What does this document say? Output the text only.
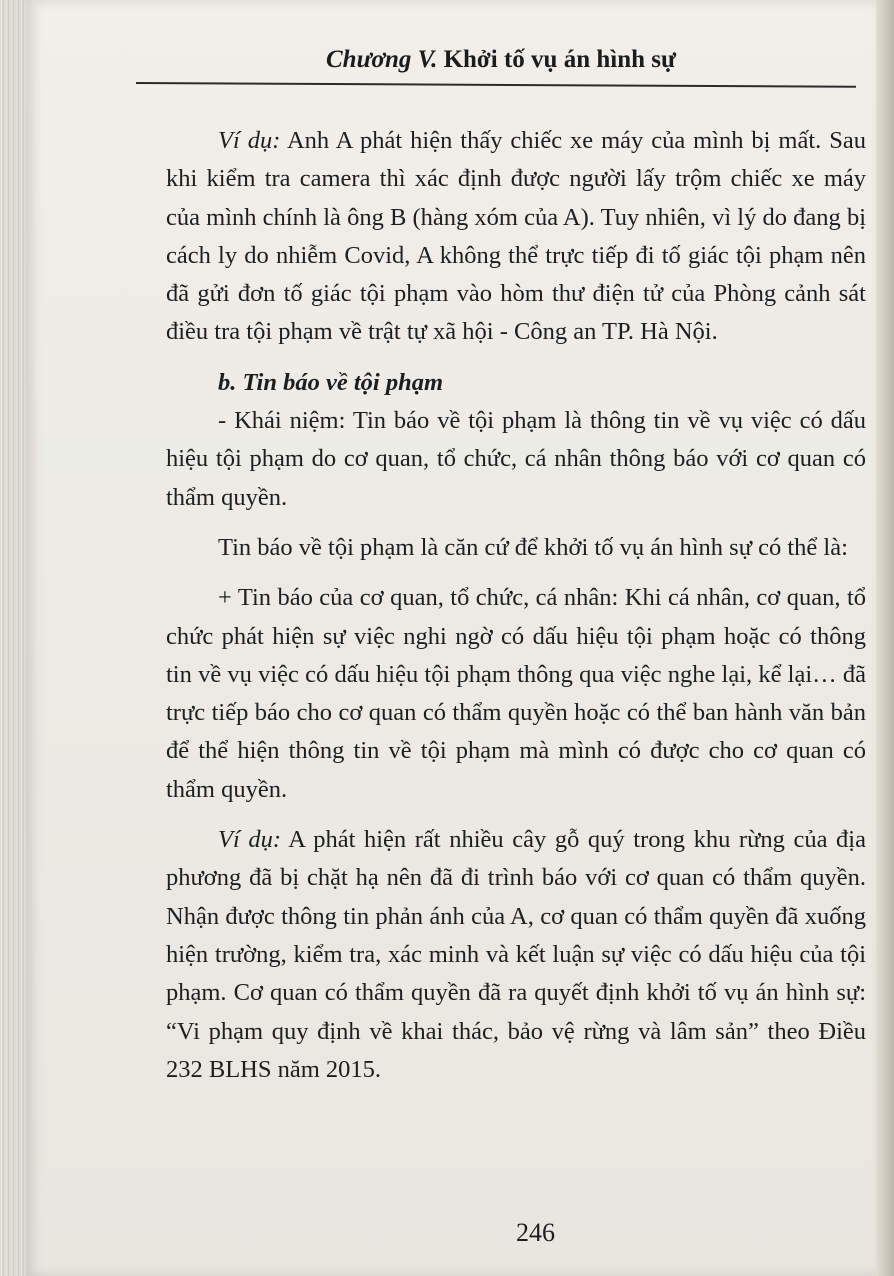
Chương V. Khởi tố vụ án hình sự

Ví dụ: Anh A phát hiện thấy chiếc xe máy của mình bị mất. Sau khi kiểm tra camera thì xác định được người lấy trộm chiếc xe máy của mình chính là ông B (hàng xóm của A). Tuy nhiên, vì lý do đang bị cách ly do nhiễm Covid, A không thể trực tiếp đi tố giác tội phạm nên đã gửi đơn tố giác tội phạm vào hòm thư điện tử của Phòng cảnh sát điều tra tội phạm về trật tự xã hội - Công an TP. Hà Nội.

b. Tin báo về tội phạm

- Khái niệm: Tin báo về tội phạm là thông tin về vụ việc có dấu hiệu tội phạm do cơ quan, tổ chức, cá nhân thông báo với cơ quan có thẩm quyền.

Tin báo về tội phạm là căn cứ để khởi tố vụ án hình sự có thể là:

+ Tin báo của cơ quan, tổ chức, cá nhân: Khi cá nhân, cơ quan, tổ chức phát hiện sự việc nghi ngờ có dấu hiệu tội phạm hoặc có thông tin về vụ việc có dấu hiệu tội phạm thông qua việc nghe lại, kể lại… đã trực tiếp báo cho cơ quan có thẩm quyền hoặc có thể ban hành văn bản để thể hiện thông tin về tội phạm mà mình có được cho cơ quan có thẩm quyền.

Ví dụ: A phát hiện rất nhiều cây gỗ quý trong khu rừng của địa phương đã bị chặt hạ nên đã đi trình báo với cơ quan có thẩm quyền. Nhận được thông tin phản ánh của A, cơ quan có thẩm quyền đã xuống hiện trường, kiểm tra, xác minh và kết luận sự việc có dấu hiệu của tội phạm. Cơ quan có thẩm quyền đã ra quyết định khởi tố vụ án hình sự: “Vi phạm quy định về khai thác, bảo vệ rừng và lâm sản” theo Điều 232 BLHS năm 2015.

246
